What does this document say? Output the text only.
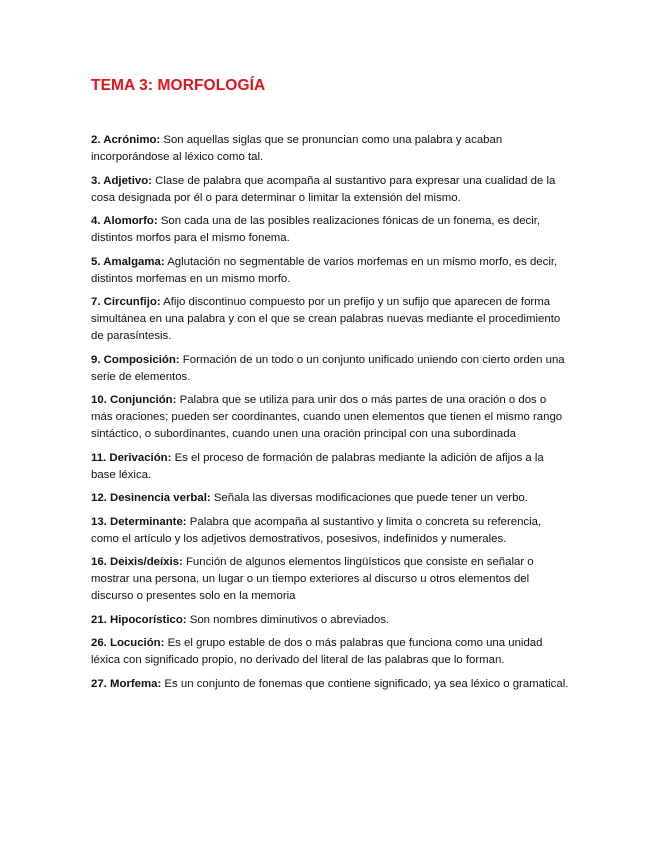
TEMA 3: MORFOLOGÍA

2. Acrónimo: Son aquellas siglas que se pronuncian como una palabra y acaban incorporándose al léxico como tal.

3. Adjetivo: Clase de palabra que acompaña al sustantivo para expresar una cualidad de la cosa designada por él o para determinar o limitar la extensión del mismo.

4. Alomorfo: Son cada una de las posibles realizaciones fónicas de un fonema, es decir, distintos morfos para el mismo fonema.

5. Amalgama: Aglutación no segmentable de varios morfemas en un mismo morfo, es decir, distintos morfemas en un mismo morfo.

7. Circunfijo: Afijo discontinuo compuesto por un prefijo y un sufijo que aparecen de forma simultánea en una palabra y con el que se crean palabras nuevas mediante el procedimiento de parasíntesis.

9. Composición: Formación de un todo o un conjunto unificado uniendo con cierto orden una serie de elementos.

10. Conjunción: Palabra que se utiliza para unir dos o más partes de una oración o dos o más oraciones; pueden ser coordinantes, cuando unen elementos que tienen el mismo rango sintáctico, o subordinantes, cuando unen una oración principal con una subordinada

11. Derivación: Es el proceso de formación de palabras mediante la adición de afijos a la base léxica.

12. Desinencia verbal: Señala las diversas modificaciones que puede tener un verbo.

13. Determinante: Palabra que acompaña al sustantivo y limita o concreta su referencia, como el artículo y los adjetivos demostrativos, posesivos, indefinidos y numerales.

16. Deixis/deíxis: Función de algunos elementos lingüísticos que consiste en señalar o mostrar una persona, un lugar o un tiempo exteriores al discurso u otros elementos del discurso o presentes solo en la memoria

21. Hipocorístico: Son nombres diminutivos o abreviados.

26. Locución: Es el grupo estable de dos o más palabras que funciona como una unidad léxica con significado propio, no derivado del literal de las palabras que lo forman.

27. Morfema: Es un conjunto de fonemas que contiene significado, ya sea léxico o gramatical.
